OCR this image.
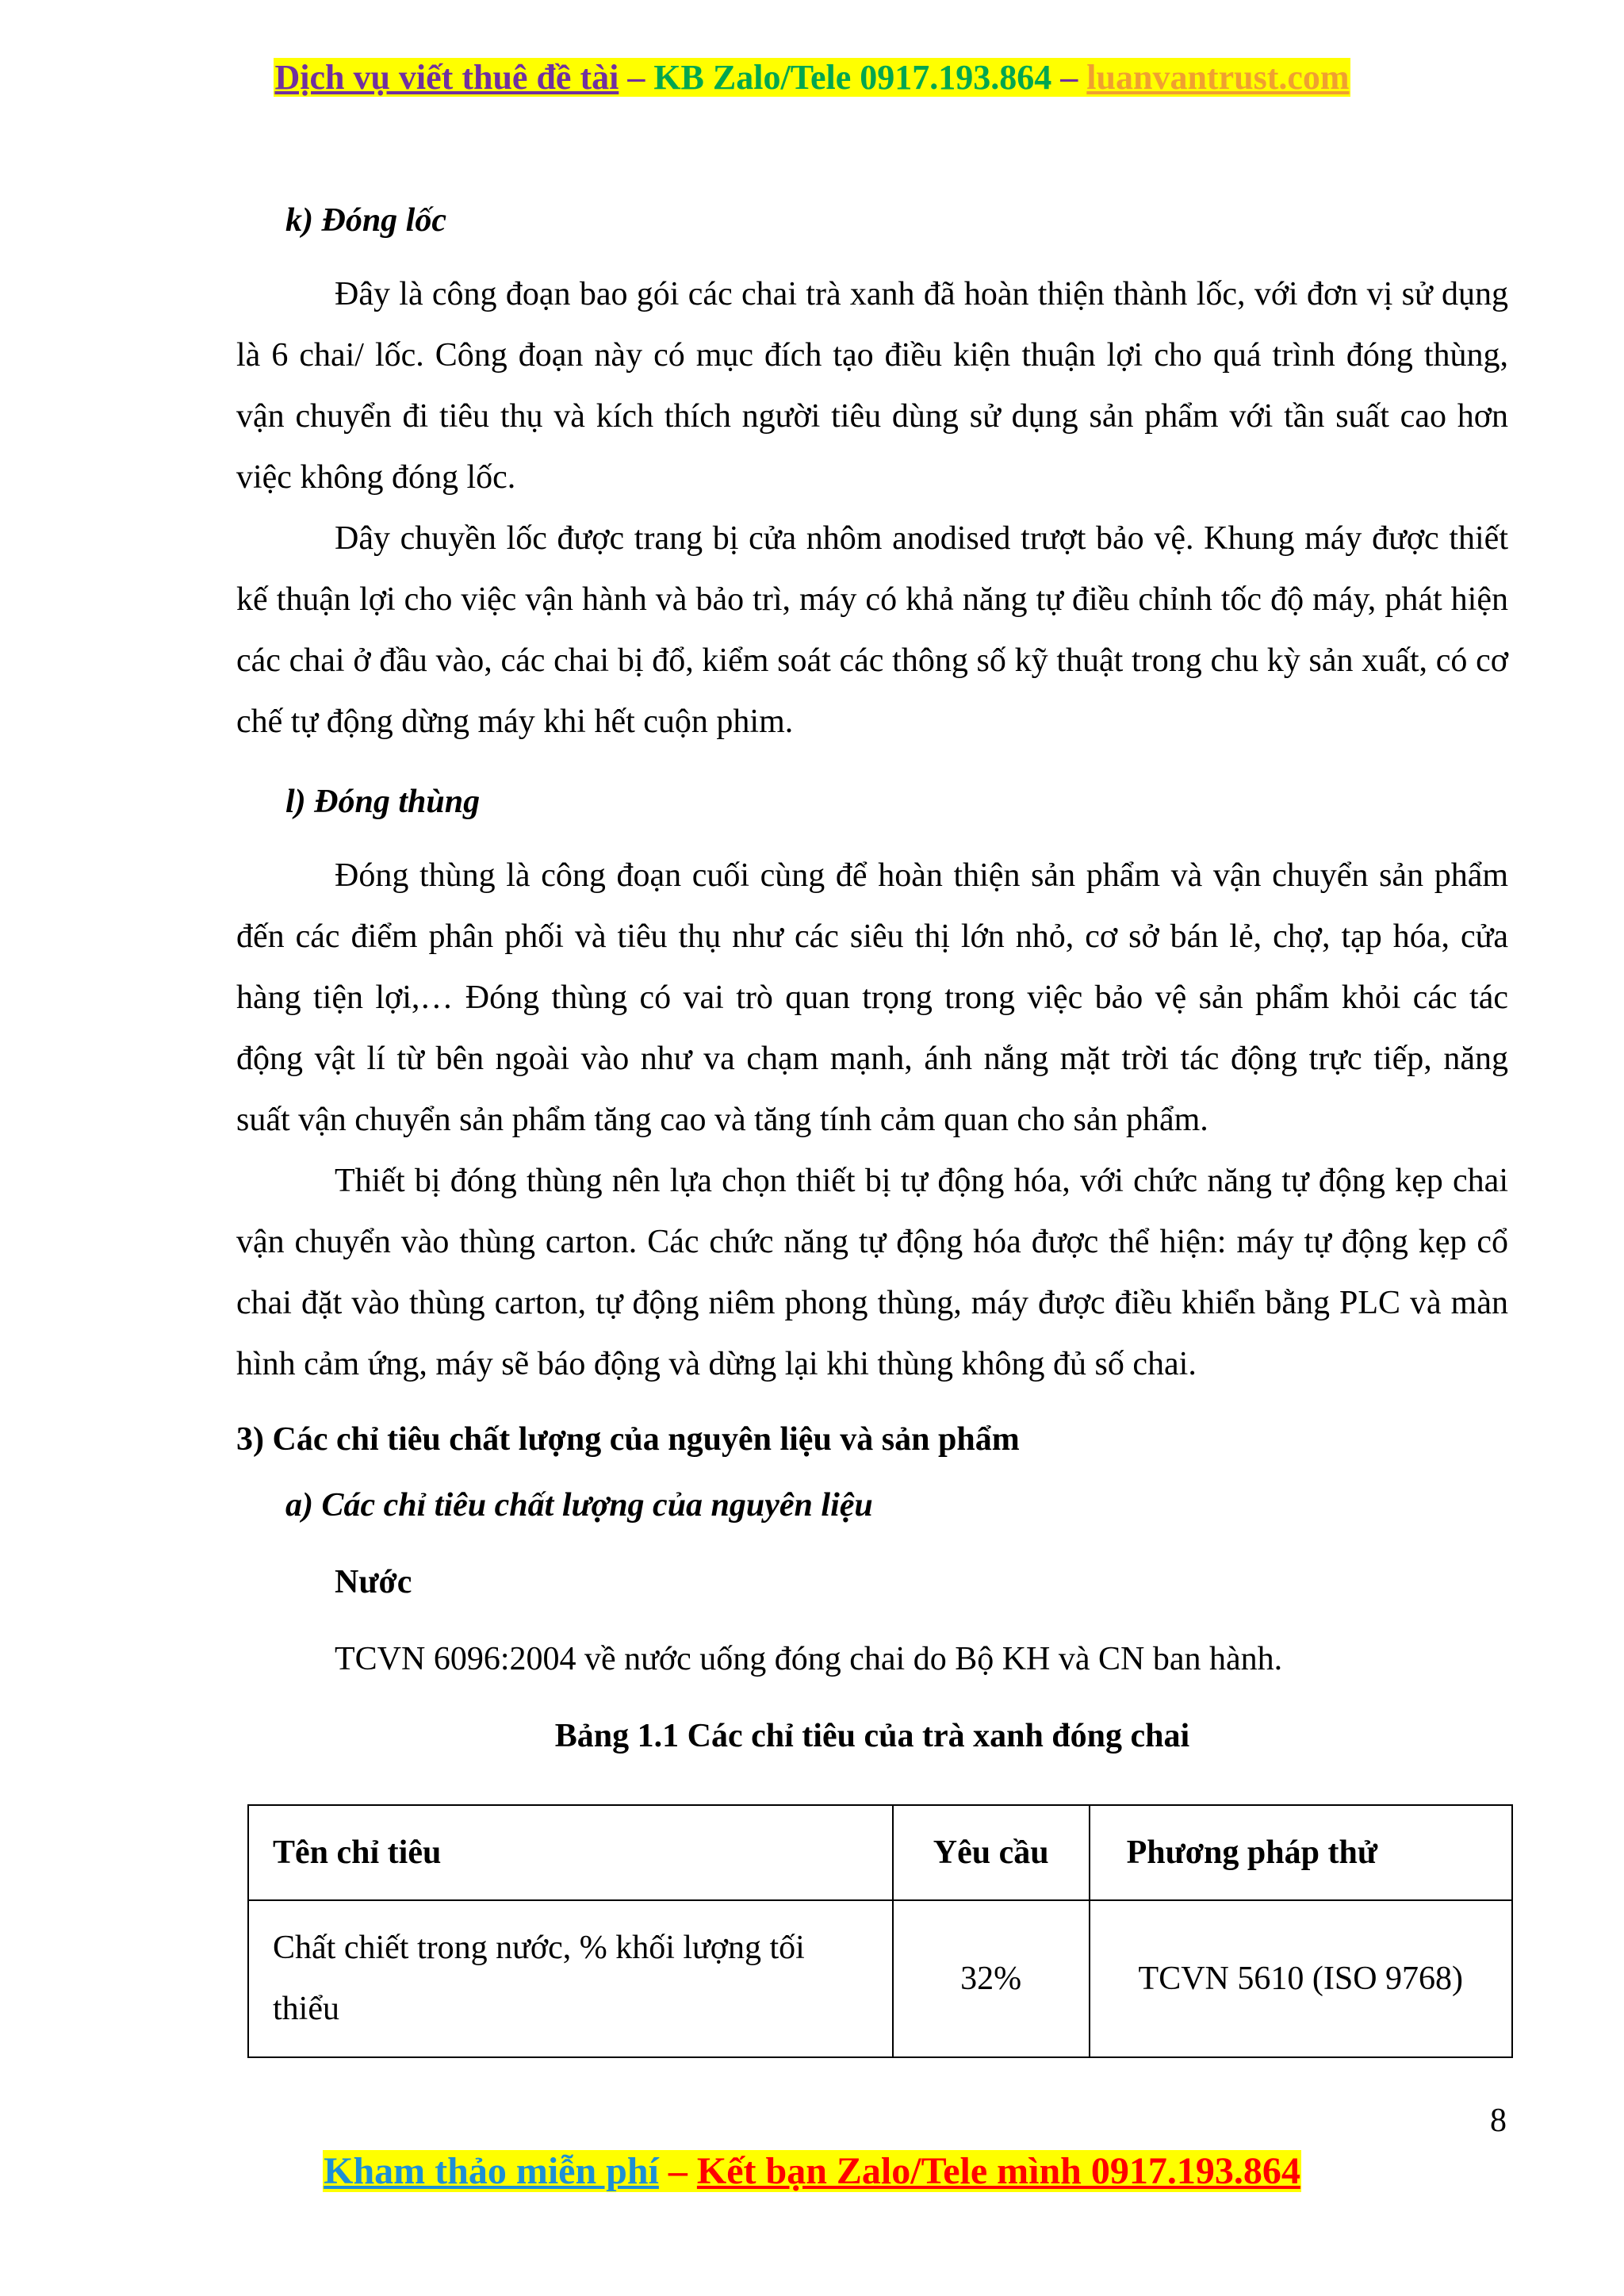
Dịch vụ viết thuê đề tài – KB Zalo/Tele 0917.193.864 – luanvantrust.com

k) Đóng lốc

Đây là công đoạn bao gói các chai trà xanh đã hoàn thiện thành lốc, với đơn vị sử dụng là 6 chai/ lốc. Công đoạn này có mục đích tạo điều kiện thuận lợi cho quá trình đóng thùng, vận chuyển đi tiêu thụ và kích thích người tiêu dùng sử dụng sản phẩm với tần suất cao hơn việc không đóng lốc.

Dây chuyền lốc được trang bị cửa nhôm anodised trượt bảo vệ. Khung máy được thiết kế thuận lợi cho việc vận hành và bảo trì, máy có khả năng tự điều chỉnh tốc độ máy, phát hiện các chai ở đầu vào, các chai bị đổ, kiểm soát các thông số kỹ thuật trong chu kỳ sản xuất, có cơ chế tự động dừng máy khi hết cuộn phim.

l) Đóng thùng

Đóng thùng là công đoạn cuối cùng để hoàn thiện sản phẩm và vận chuyển sản phẩm đến các điểm phân phối và tiêu thụ như các siêu thị lớn nhỏ, cơ sở bán lẻ, chợ, tạp hóa, cửa hàng tiện lợi,… Đóng thùng có vai trò quan trọng trong việc bảo vệ sản phẩm khỏi các tác động vật lí từ bên ngoài vào như va chạm mạnh, ánh nắng mặt trời tác động trực tiếp, năng suất vận chuyển sản phẩm tăng cao và tăng tính cảm quan cho sản phẩm.

Thiết bị đóng thùng nên lựa chọn thiết bị tự động hóa, với chức năng tự động kẹp chai vận chuyển vào thùng carton. Các chức năng tự động hóa được thể hiện: máy tự động kẹp cổ chai đặt vào thùng carton, tự động niêm phong thùng, máy được điều khiển bằng PLC và màn hình cảm ứng, máy sẽ báo động và dừng lại khi thùng không đủ số chai.

3) Các chỉ tiêu chất lượng của nguyên liệu và sản phẩm

a) Các chỉ tiêu chất lượng của nguyên liệu

Nước

TCVN 6096:2004 về nước uống đóng chai do Bộ KH và CN ban hành.

Bảng 1.1 Các chỉ tiêu của trà xanh đóng chai

Tên chỉ tiêu	Yêu cầu	Phương pháp thử
Chất chiết trong nước, % khối lượng tối thiểu	32%	TCVN 5610 (ISO 9768)
8
Kham thảo miễn phí – Kết bạn Zalo/Tele mình 0917.193.864
